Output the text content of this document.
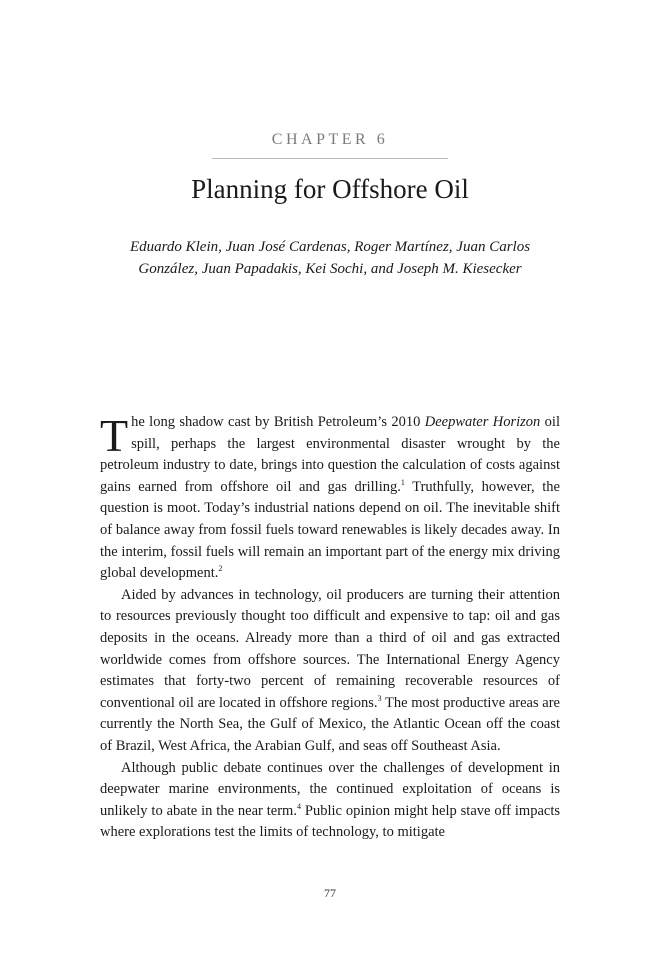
CHAPTER 6
Planning for Offshore Oil
Eduardo Klein, Juan José Cardenas, Roger Martínez, Juan Carlos González, Juan Papadakis, Kei Sochi, and Joseph M. Kiesecker

The long shadow cast by British Petroleum’s 2010 Deepwater Horizon oil spill, perhaps the largest environmental disaster wrought by the petroleum industry to date, brings into question the calculation of costs against gains earned from offshore oil and gas drilling.$^1$ Truthfully, however, the question is moot. Today’s industrial nations depend on oil. The inevitable shift of balance away from fossil fuels toward renewables is likely decades away. In the interim, fossil fuels will remain an important part of the energy mix driving global development.$^2$

Aided by advances in technology, oil producers are turning their attention to resources previously thought too difficult and expensive to tap: oil and gas deposits in the oceans. Already more than a third of oil and gas extracted worldwide comes from offshore sources. The International Energy Agency estimates that forty-two percent of remaining recoverable resources of conventional oil are located in offshore regions.$^3$ The most productive areas are currently the North Sea, the Gulf of Mexico, the Atlantic Ocean off the coast of Brazil, West Africa, the Arabian Gulf, and seas off Southeast Asia.

Although public debate continues over the challenges of development in deepwater marine environments, the continued exploitation of oceans is unlikely to abate in the near term.$^4$ Public opinion might help stave off impacts where explorations test the limits of technology, to mitigate

77
